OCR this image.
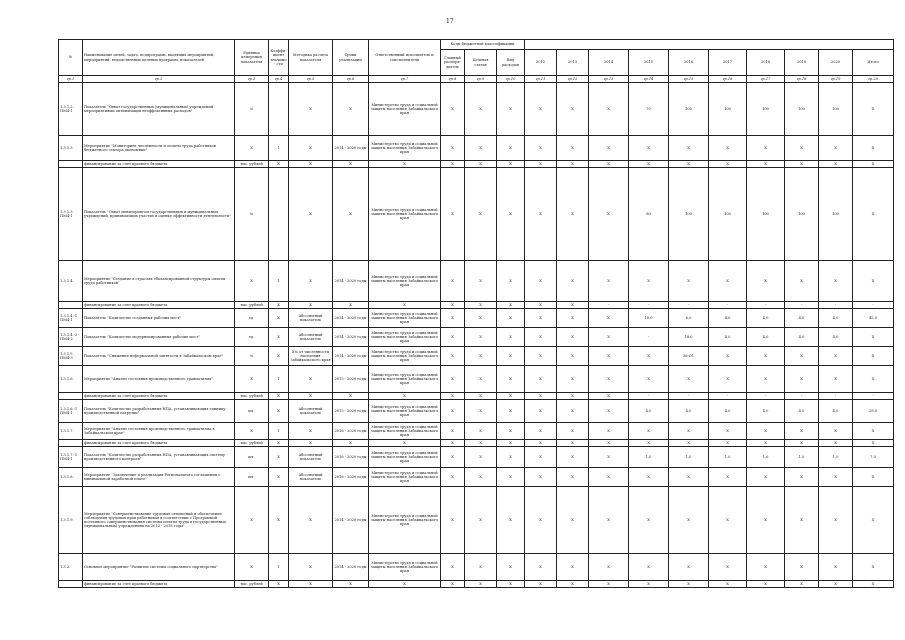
17
№	Наименование целей, задач, подпрограмм, входящих мероприятий, мероприятий, ведомственных целевых программ, показателей	Единица измерения показателя	Коэффи- циент значимо- сти	Методика расчета показателя	Сроки реализации	Ответственный исполнитель и соисполнители	Коды бюджетной классификации												
							Главный распоря- дитель	Целевая статья	Вид расходов	2012	2013	2014	2015	2016	2017	2018	2019	2020	Итого
гр.1	гр.2	гр.3	гр.4	гр.5	гр.6	гр.7	гр.8	гр.9	гр.10	гр.11	гр.12	гр.13	гр.14	гр.15	гр.16	гр.17	гр.18	гр.19	гр.20
1.3.1.2. ПМ4-1	Показатель "Охват государственных (муниципальных) учреждений мероприятиями оптимизации неэффективных расходов"	%		Х	Х	Министерство труда и социальной защиты населения Забайкальского края	Х	Х	Х	Х	Х	Х	70	100	100	100	100	100	Х
1.3.1.3.	Мероприятие "Мониторинг численности и оплаты труда работников бюджетного сектора экономики"	Х	1	Х	2014 - 2020 годы	Министерство труда и социальной защиты населения Забайкальского края	Х	Х	Х	Х	Х	Х	Х	Х	Х	Х	Х	Х	Х
	финансирование за счет краевого бюджета	тыс. рублей	Х	Х	Х	Х	Х	Х	Х	Х	Х	Х	Х	Х	Х	Х	Х	Х	Х
1.3.1.3. ПМ4-1	Показатель "Охват мониторингом государственных и муниципальных учреждений, принимающих участие в оценке эффективности деятельности"	%		Х	Х	Министерство труда и социальной защиты населения Забайкальского края	Х	Х	Х	Х	Х	Х	80	100	100	100	100	100	Х
1.3.1.4.	Мероприятие "Создание в отраслях сбалансированной структуры оплаты труда работников"	Х	1	Х	2014 - 2020 годы	Министерство труда и социальной защиты населения Забайкальского края	Х	Х	Х	Х	Х	Х	Х	Х	Х	Х	Х	Х	Х
	финансирование за счет краевого бюджета	тыс. рублей	Х	Х	Х	Х	Х	Х	Х	Х	Х	-	-	-	-	-	-	-	-
1.3.1.4.-1 ПМ4-1	Показатель "Количество созданных рабочих мест"	ед.	Х	Абсолютный показатель	2014 - 2020 годы	Министерство труда и социальной защиты населения Забайкальского края	Х	Х	Х	Х	Х	Х	10,0	6,0	4,0	4,0	4,0	4,0	42,0
1.3.1.4.-2 ПМ4-2	Показатель "Количество модернизированных рабочих мест"	ед.	Х	Абсолютный показатель	2014 - 2020 годы	Министерство труда и социальной защиты населения Забайкальского края	Х	Х	Х	Х	Х	Х	-	18,0	4,0	4,0	4,0	4,0	Х
1.3.1.5. ПМ4-3	Показатель "Снижение неформальной занятости в Забайкальском крае"	%	Х	Х% от численности населения Забайкальского края	2014 - 2020 годы	Министерство труда и социальной защиты населения Забайкальского края	Х	Х	Х	Х	Х	Х	Х	36-О1	Х	Х	Х	Х	Х
1.3.1.6.	Мероприятие "Анализ состояния производственного травматизма"	Х	1	Х	2015 - 2020 годы	Министерство труда и социальной защиты населения Забайкальского края	Х	Х	Х	Х	Х	Х	Х	Х	Х	Х	Х	Х	Х
	финансирование за счет краевого бюджета	тыс. рублей	Х	Х	Х	Х	Х	Х	Х	Х	Х	Х	-	-	-	-	-	-	-
1.3.1.6.-1 ПМ4-1	Показатель "Количество разработанных НПА, устанавливающих единицу производственной нагрузки"	шт.	Х	Абсолютный показатель	2015 - 2020 годы	Министерство труда и социальной защиты населения Забайкальского края	Х	Х	Х	Х	Х	Х	4,0	4,0	4,0	4,0	4,0	4,0	28,0
1.3.1.7.	Мероприятие "Анализ состояния производственного травматизма в Забайкальском крае"	Х	1	Х	2016 - 2020 годы	Министерство труда и социальной защиты населения Забайкальского края	Х	Х	Х	Х	Х	Х	Х	Х	Х	Х	Х	Х	Х
	финансирование за счет краевого бюджета	тыс. рублей	Х	Х	Х	Х	Х	Х	Х	Х	Х	Х	Х	Х	Х	Х	Х	Х	Х
1.3.1.7.-1 ПМ4-1	Показатель "Количество разработанных НПА, устанавливающих систему производственного контроля"	шт.	Х	Абсолютный показатель	2016 - 2020 годы	Министерство труда и социальной защиты населения Забайкальского края	Х	Х	Х	Х	Х	Х	1,0	1,0	1,0	1,0	1,0	1,0	7,0
1.3.1.8.	Мероприятие "Заключение и реализация Регионального соглашения о минимальной заработной плате"	шт.	Х	Абсолютный показатель	2016 - 2020 годы	Министерство труда и социальной защиты населения Забайкальского края	Х	Х	Х	Х	Х	Х	Х	Х	Х	Х	Х	Х	Х
1.3.1.9.	Мероприятие "Совершенствование трудовых отношений и обеспечение соблюдения трудовых прав работников в соответствии с Программой поэтапного совершенствования системы оплаты труда в государственных (муниципальных) учреждениях на 2012 - 2018 годы"	Х	Х	Х	2014 - 2020 годы	Министерство труда и социальной защиты населения Забайкальского края	Х	Х	Х	Х	Х	Х	Х	Х	Х	Х	Х	Х	Х
1.3.2.	Основное мероприятие "Развитие системы социального партнерства"	Х	1	Х	2014 - 2020 годы	Министерство труда и социальной защиты населения Забайкальского края	Х	Х	Х	Х	Х	Х	Х	Х	Х	Х	Х	Х	Х
	финансирование за счет краевого бюджета	тыс. рублей	Х	Х	Х	Х	Х	Х	Х	Х	Х	Х	Х	Х	Х	Х	Х	Х	Х
